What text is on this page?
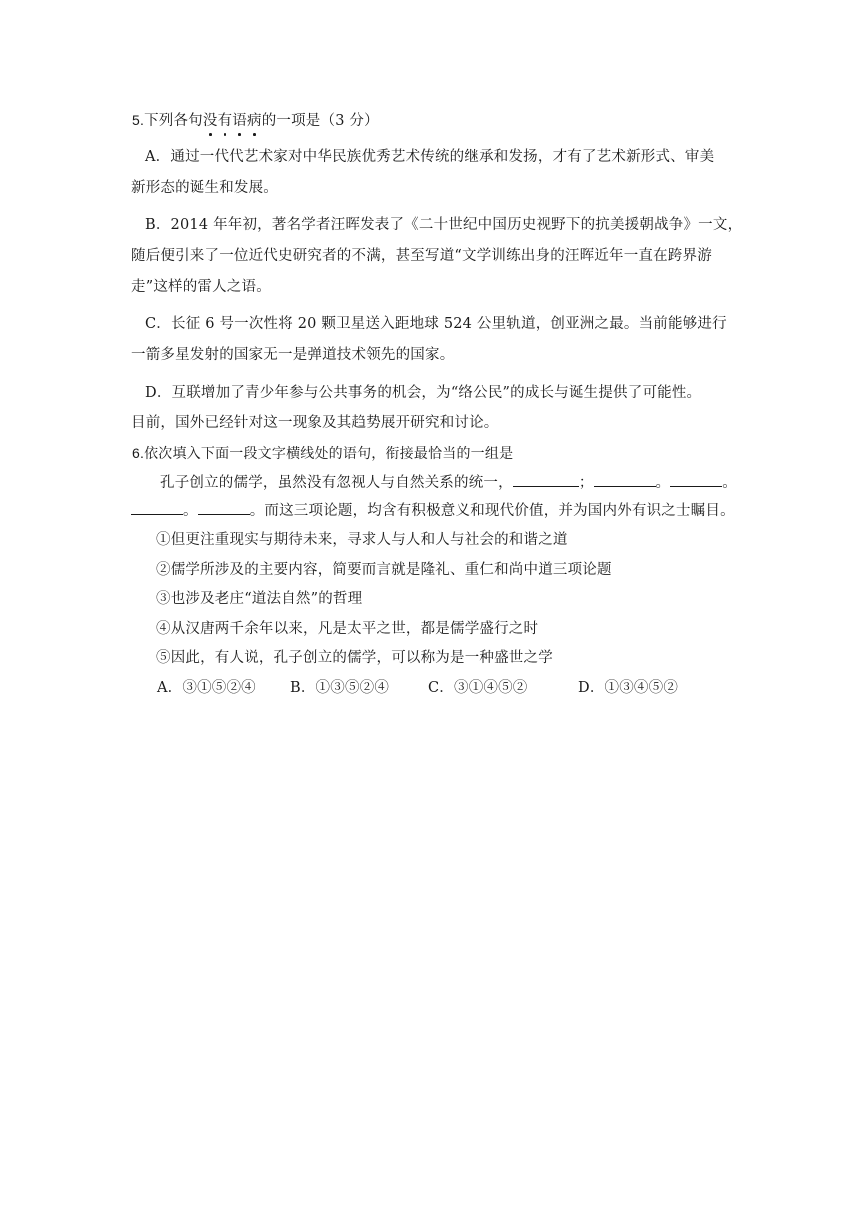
5.下列各句没有语病的一项是（3 分）
A．通过一代代艺术家对中华民族优秀艺术传统的继承和发扬，才有了艺术新形式、审美
新形态的诞生和发展。
B．2014 年年初，著名学者汪晖发表了《二十世纪中国历史视野下的抗美援朝战争》一文，
随后便引来了一位近代史研究者的不满，甚至写道“文学训练出身的汪晖近年一直在跨界游
走”这样的雷人之语。
C．长征 6 号一次性将 20 颗卫星送入距地球 524 公里轨道，创亚洲之最。当前能够进行
一箭多星发射的国家无一是弹道技术领先的国家。
D．互联增加了青少年参与公共事务的机会，为“络公民”的成长与诞生提供了可能性。
目前，国外已经针对这一现象及其趋势展开研究和讨论。
6.依次填入下面一段文字横线处的语句，衔接最恰当的一组是
孔子创立的儒学，虽然没有忽视人与自然关系的统一，	；	。	。
。	。而这三项论题，均含有积极意义和现代价值，并为国内外有识之士瞩目。
①但更注重现实与期待未来，寻求人与人和人与社会的和谐之道
②儒学所涉及的主要内容，简要而言就是隆礼、重仁和尚中道三项论题
③也涉及老庄“道法自然”的哲理
④从汉唐两千余年以来，凡是太平之世，都是儒学盛行之时
⑤因此，有人说，孔子创立的儒学，可以称为是一种盛世之学
A．③①⑤②④ B．①③⑤②④	C．③①④⑤②	D．①③④⑤②
